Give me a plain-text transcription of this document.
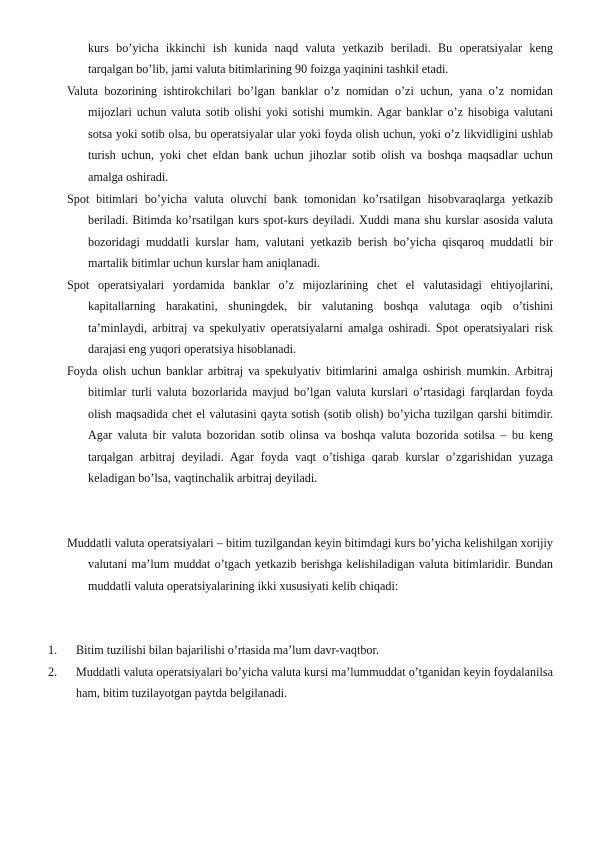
kurs bo’yicha ikkinchi ish kunida naqd valuta yetkazib beriladi. Bu operatsiyalar keng tarqalgan bo’lib, jami valuta bitimlarining 90 foizga yaqinini tashkil etadi.

Valuta bozorining ishtirokchilari bo’lgan banklar o’z nomidan o’zi uchun, yana o’z nomidan mijozlari uchun valuta sotib olishi yoki sotishi mumkin. Agar banklar o’z hisobiga valutani sotsa yoki sotib olsa, bu operatsiyalar ular yoki foyda olish uchun, yoki o’z likvidligini ushlab turish uchun, yoki chet eldan bank uchun jihozlar sotib olish va boshqa maqsadlar uchun amalga oshiradi.

Spot bitimlari bo’yicha valuta oluvchi bank tomonidan ko’rsatilgan hisobvaraqlarga yetkazib beriladi. Bitimda ko’rsatilgan kurs spot-kurs deyiladi. Xuddi mana shu kurslar asosida valuta bozoridagi muddatli kurslar ham, valutani yetkazib berish bo’yicha qisqaroq muddatli bir martalik bitimlar uchun kurslar ham aniqlanadi.

Spot operatsiyalari yordamida banklar o’z mijozlarining chet el valutasidagi ehtiyojlarini, kapitallarning harakatini, shuningdek, bir valutaning boshqa valutaga oqib o’tishini ta’minlaydi, arbitraj va spekulyativ operatsiyalarni amalga oshiradi. Spot operatsiyalari risk darajasi eng yuqori operatsiya hisoblanadi.

Foyda olish uchun banklar arbitraj va spekulyativ bitimlarini amalga oshirish mumkin. Arbitraj bitimlar turli valuta bozorlarida mavjud bo’lgan valuta kurslari o’rtasidagi farqlardan foyda olish maqsadida chet el valutasini qayta sotish (sotib olish) bo’yicha tuzilgan qarshi bitimdir. Agar valuta bir valuta bozoridan sotib olinsa va boshqa valuta bozorida sotilsa – bu keng tarqalgan arbitraj deyiladi. Agar foyda vaqt o’tishiga qarab kurslar o’zgarishidan yuzaga keladigan bo’lsa, vaqtinchalik arbitraj deyiladi.

Muddatli valuta operatsiyalari – bitim tuzilgandan keyin bitimdagi kurs bo’yicha kelishilgan xorijiy valutani ma’lum muddat o’tgach yetkazib berishga kelishiladigan valuta bitimlaridir. Bundan muddatli valuta operatsiyalarining ikki xususiyati kelib chiqadi:

1. Bitim tuzilishi bilan bajarilishi o’rtasida ma’lum davr-vaqtbor.
2. Muddatli valuta operatsiyalari bo’yicha valuta kursi ma’lummuddat o’tganidan keyin foydalanilsa ham, bitim tuzilayotgan paytda belgilanadi.
